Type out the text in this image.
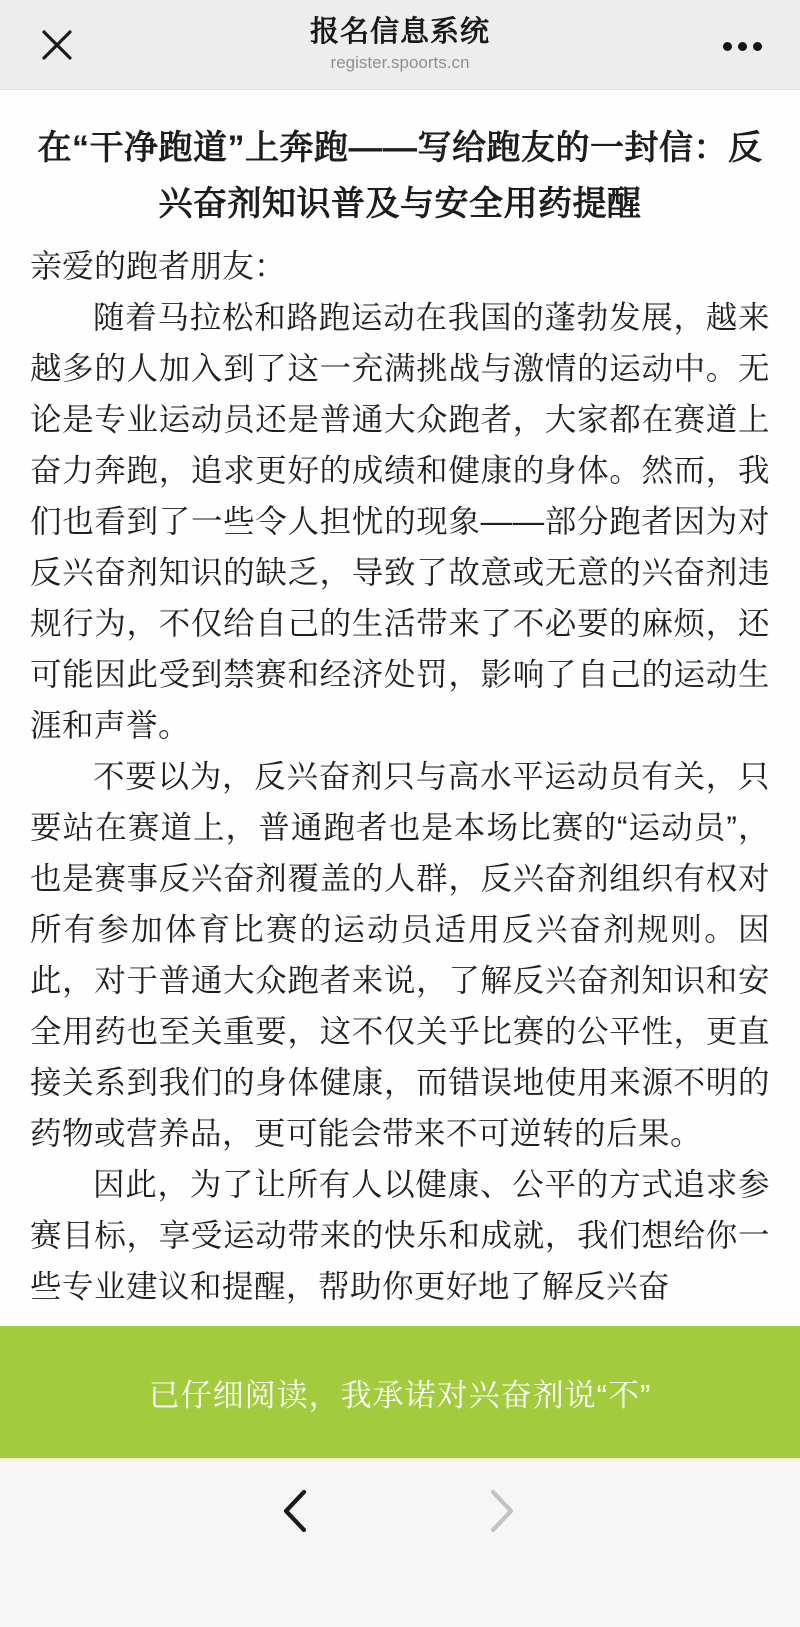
报名信息系统
register.spoorts.cn
在“干净跑道”上奔跑——写给跑友的一封信：反兴奋剂知识普及与安全用药提醒
亲爱的跑者朋友：

随着马拉松和路跑运动在我国的蓬勃发展，越来越多的人加入到了这一充满挑战与激情的运动中。无论是专业运动员还是普通大众跑者，大家都在赛道上奋力奔跑，追求更好的成绩和健康的身体。然而，我们也看到了一些令人担忧的现象——部分跑者因为对反兴奋剂知识的缺乏，导致了故意或无意的兴奋剂违规行为，不仅给自己的生活带来了不必要的麻烦，还可能因此受到禁赛和经济处罚，影响了自己的运动生涯和声誉。

不要以为，反兴奋剂只与高水平运动员有关，只要站在赛道上，普通跑者也是本场比赛的“运动员”，也是赛事反兴奋剂覆盖的人群，反兴奋剂组织有权对所有参加体育比赛的运动员适用反兴奋剂规则。因此，对于普通大众跑者来说，了解反兴奋剂知识和安全用药也至关重要，这不仅关乎比赛的公平性，更直接关系到我们的身体健康，而错误地使用来源不明的药物或营养品，更可能会带来不可逆转的后果。

因此，为了让所有人以健康、公平的方式追求参赛目标，享受运动带来的快乐和成就，我们想给你一些专业建议和提醒，帮助你更好地了解反兴奋

已仔细阅读，我承诺对兴奋剂说“不”
